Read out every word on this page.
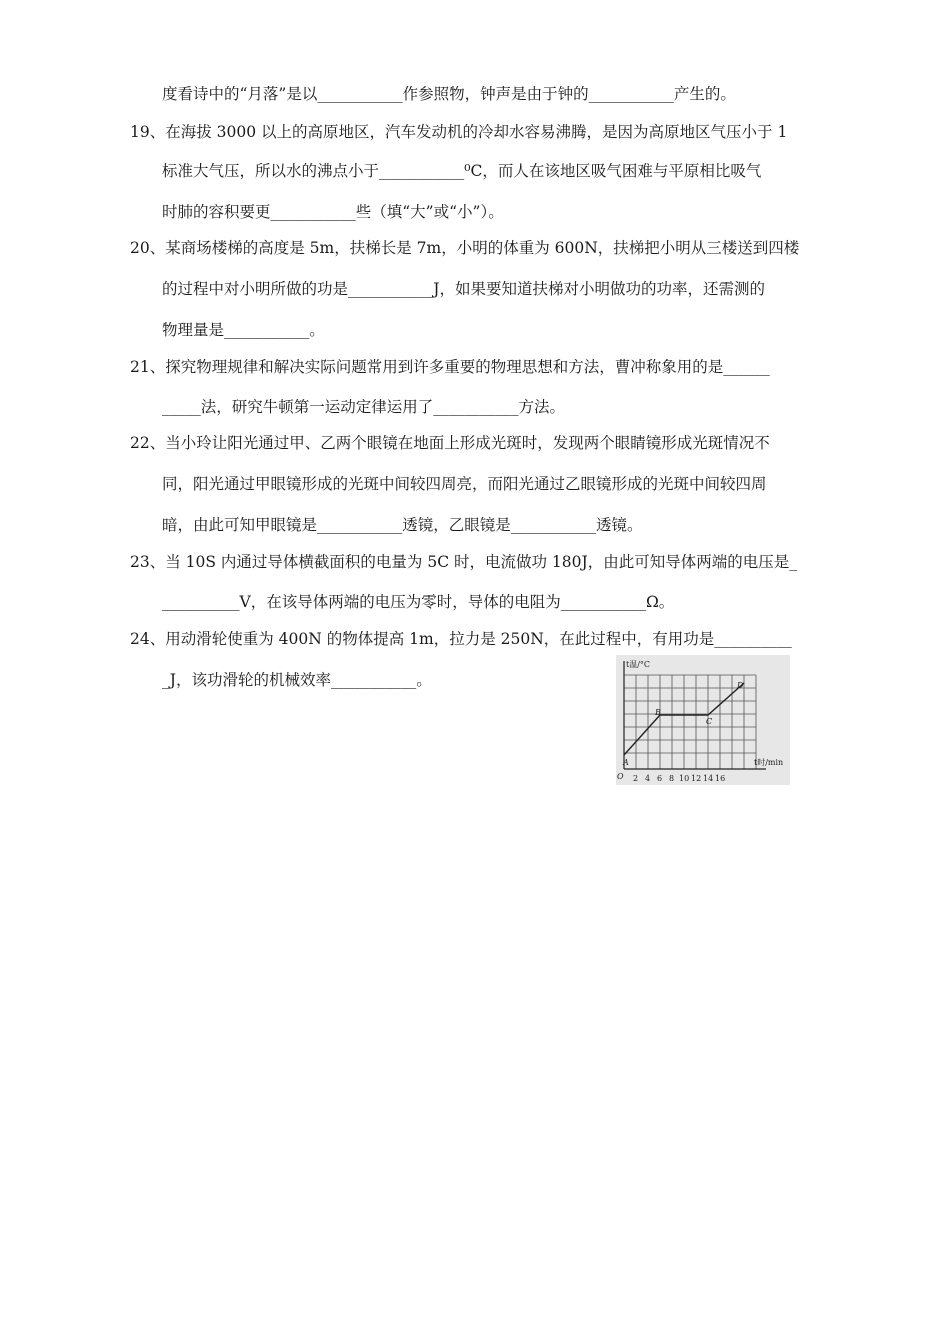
度看诗中的“月落”是以___________作参照物，钟声是由于钟的___________产生的。
19、在海拔 3000 以上的高原地区，汽车发动机的冷却水容易沸腾，是因为高原地区气压小于 1
标准大气压，所以水的沸点小于___________⁰C，而人在该地区吸气困难与平原相比吸气
时肺的容积要更___________些（填“大”或“小”）。
20、某商场楼梯的高度是 5m，扶梯长是 7m，小明的体重为 600N，扶梯把小明从三楼送到四楼
的过程中对小明所做的功是___________J，如果要知道扶梯对小明做功的功率，还需测的
物理量是___________。
21、探究物理规律和解决实际问题常用到许多重要的物理思想和方法，曹冲称象用的是______
_____法，研究牛顿第一运动定律运用了___________方法。
22、当小玲让阳光通过甲、乙两个眼镜在地面上形成光斑时，发现两个眼睛镜形成光斑情况不
同，阳光通过甲眼镜形成的光斑中间较四周亮，而阳光通过乙眼镜形成的光斑中间较四周
暗，由此可知甲眼镜是___________透镜，乙眼镜是___________透镜。
23、当 10S 内通过导体横截面积的电量为 5C 时，电流做功 180J，由此可知导体两端的电压是_
__________V，在该导体两端的电压为零时，导体的电阻为___________Ω。
24、用动滑轮使重为 400N 的物体提高 1m，拉力是 250N，在此过程中，有用功是__________
_J，该功滑轮的机械效率___________。
t温/°C
t时/min
O 2 4 6 8 10 12 14 16
A
B
C
D
